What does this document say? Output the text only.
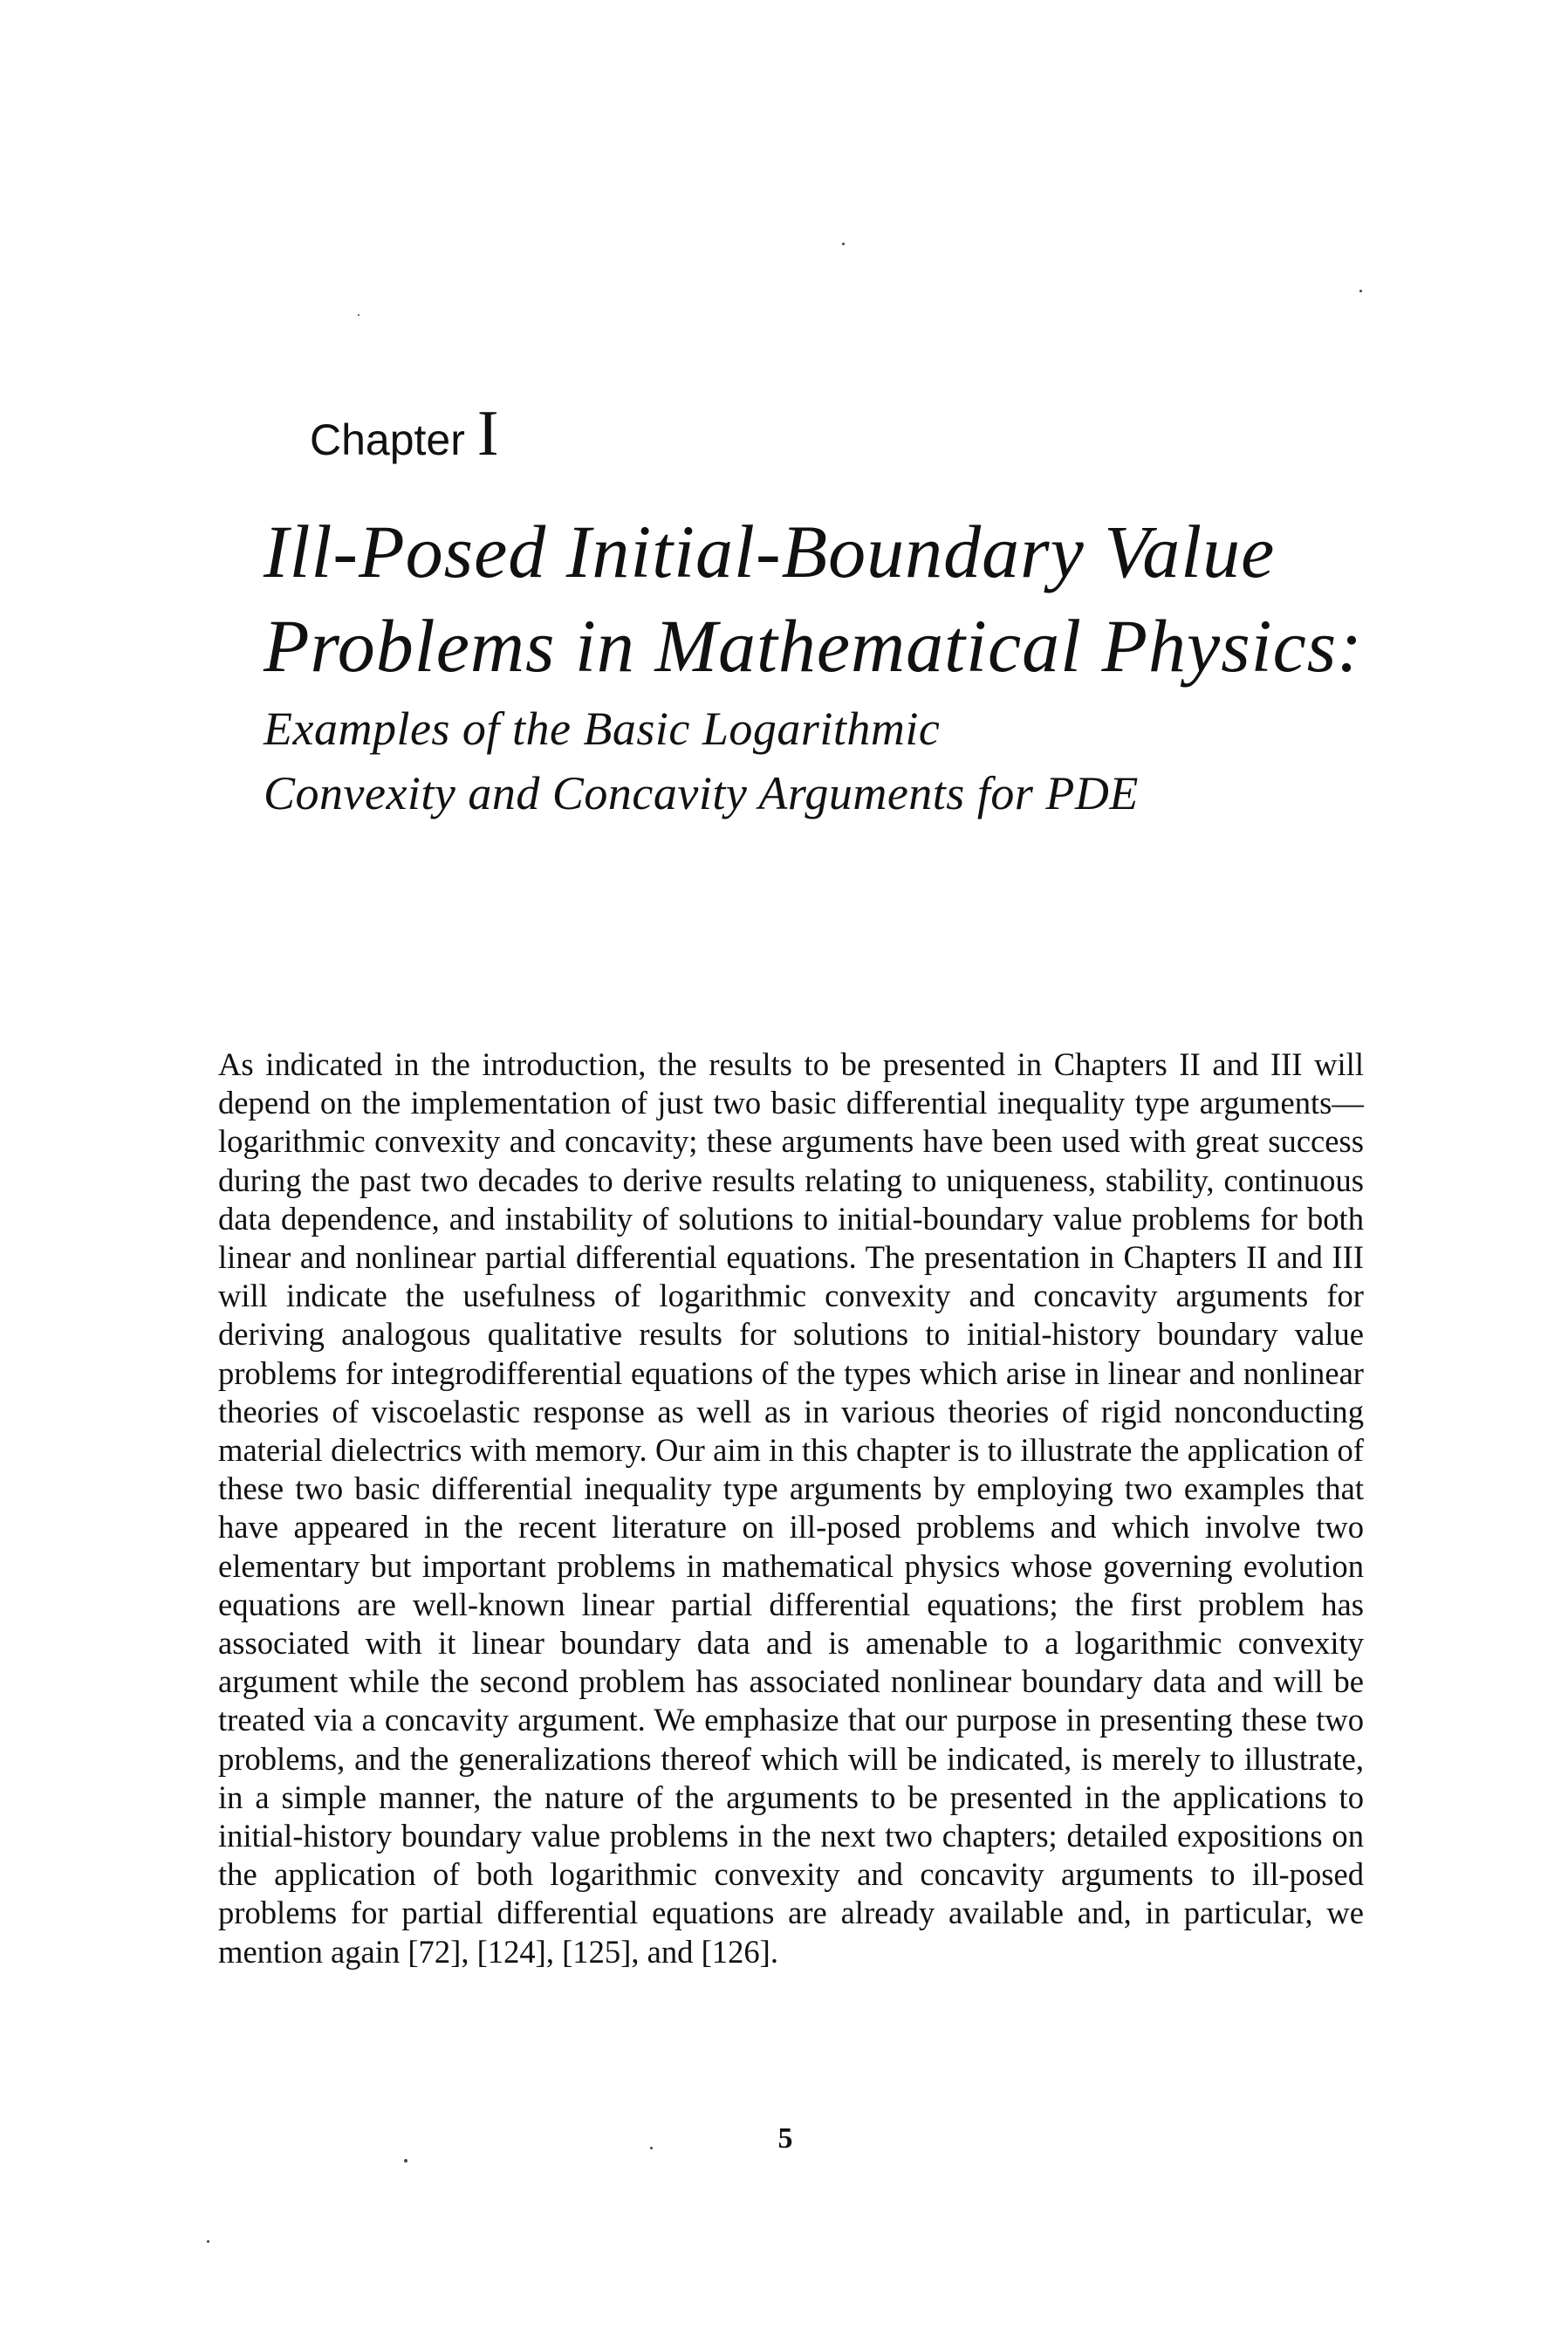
Chapter I
Ill-Posed Initial-Boundary Value
Problems in Mathematical Physics:
Examples of the Basic Logarithmic
Convexity and Concavity Arguments for PDE

As indicated in the introduction, the results to be presented in Chapters II and III will depend on the implementation of just two basic differential inequality type arguments—logarithmic convexity and concavity; these arguments have been used with great success during the past two decades to derive results relating to uniqueness, stability, continuous data dependence, and instability of solutions to initial-boundary value problems for both linear and nonlinear partial differential equations. The presentation in Chapters II and III will indicate the usefulness of logarithmic convexity and concavity arguments for deriving analogous qualitative results for solutions to initial-history boundary value problems for integrodifferential equations of the types which arise in linear and nonlinear theories of viscoelastic response as well as in various theories of rigid nonconducting material dielectrics with memory. Our aim in this chapter is to illustrate the application of these two basic differential inequality type arguments by employing two examples that have appeared in the recent literature on ill-posed problems and which involve two elementary but important problems in mathematical physics whose governing evolution equations are well-known linear partial differential equations; the first problem has associated with it linear boundary data and is amenable to a logarithmic convexity argument while the second problem has associated nonlinear boundary data and will be treated via a concavity argument. We emphasize that our purpose in presenting these two problems, and the generalizations thereof which will be indicated, is merely to illustrate, in a simple manner, the nature of the arguments to be presented in the applications to initial-history boundary value problems in the next two chapters; detailed expositions on the application of both logarithmic convexity and concavity arguments to ill-posed problems for partial differential equations are already available and, in particular, we mention again [72], [124], [125], and [126].

5
